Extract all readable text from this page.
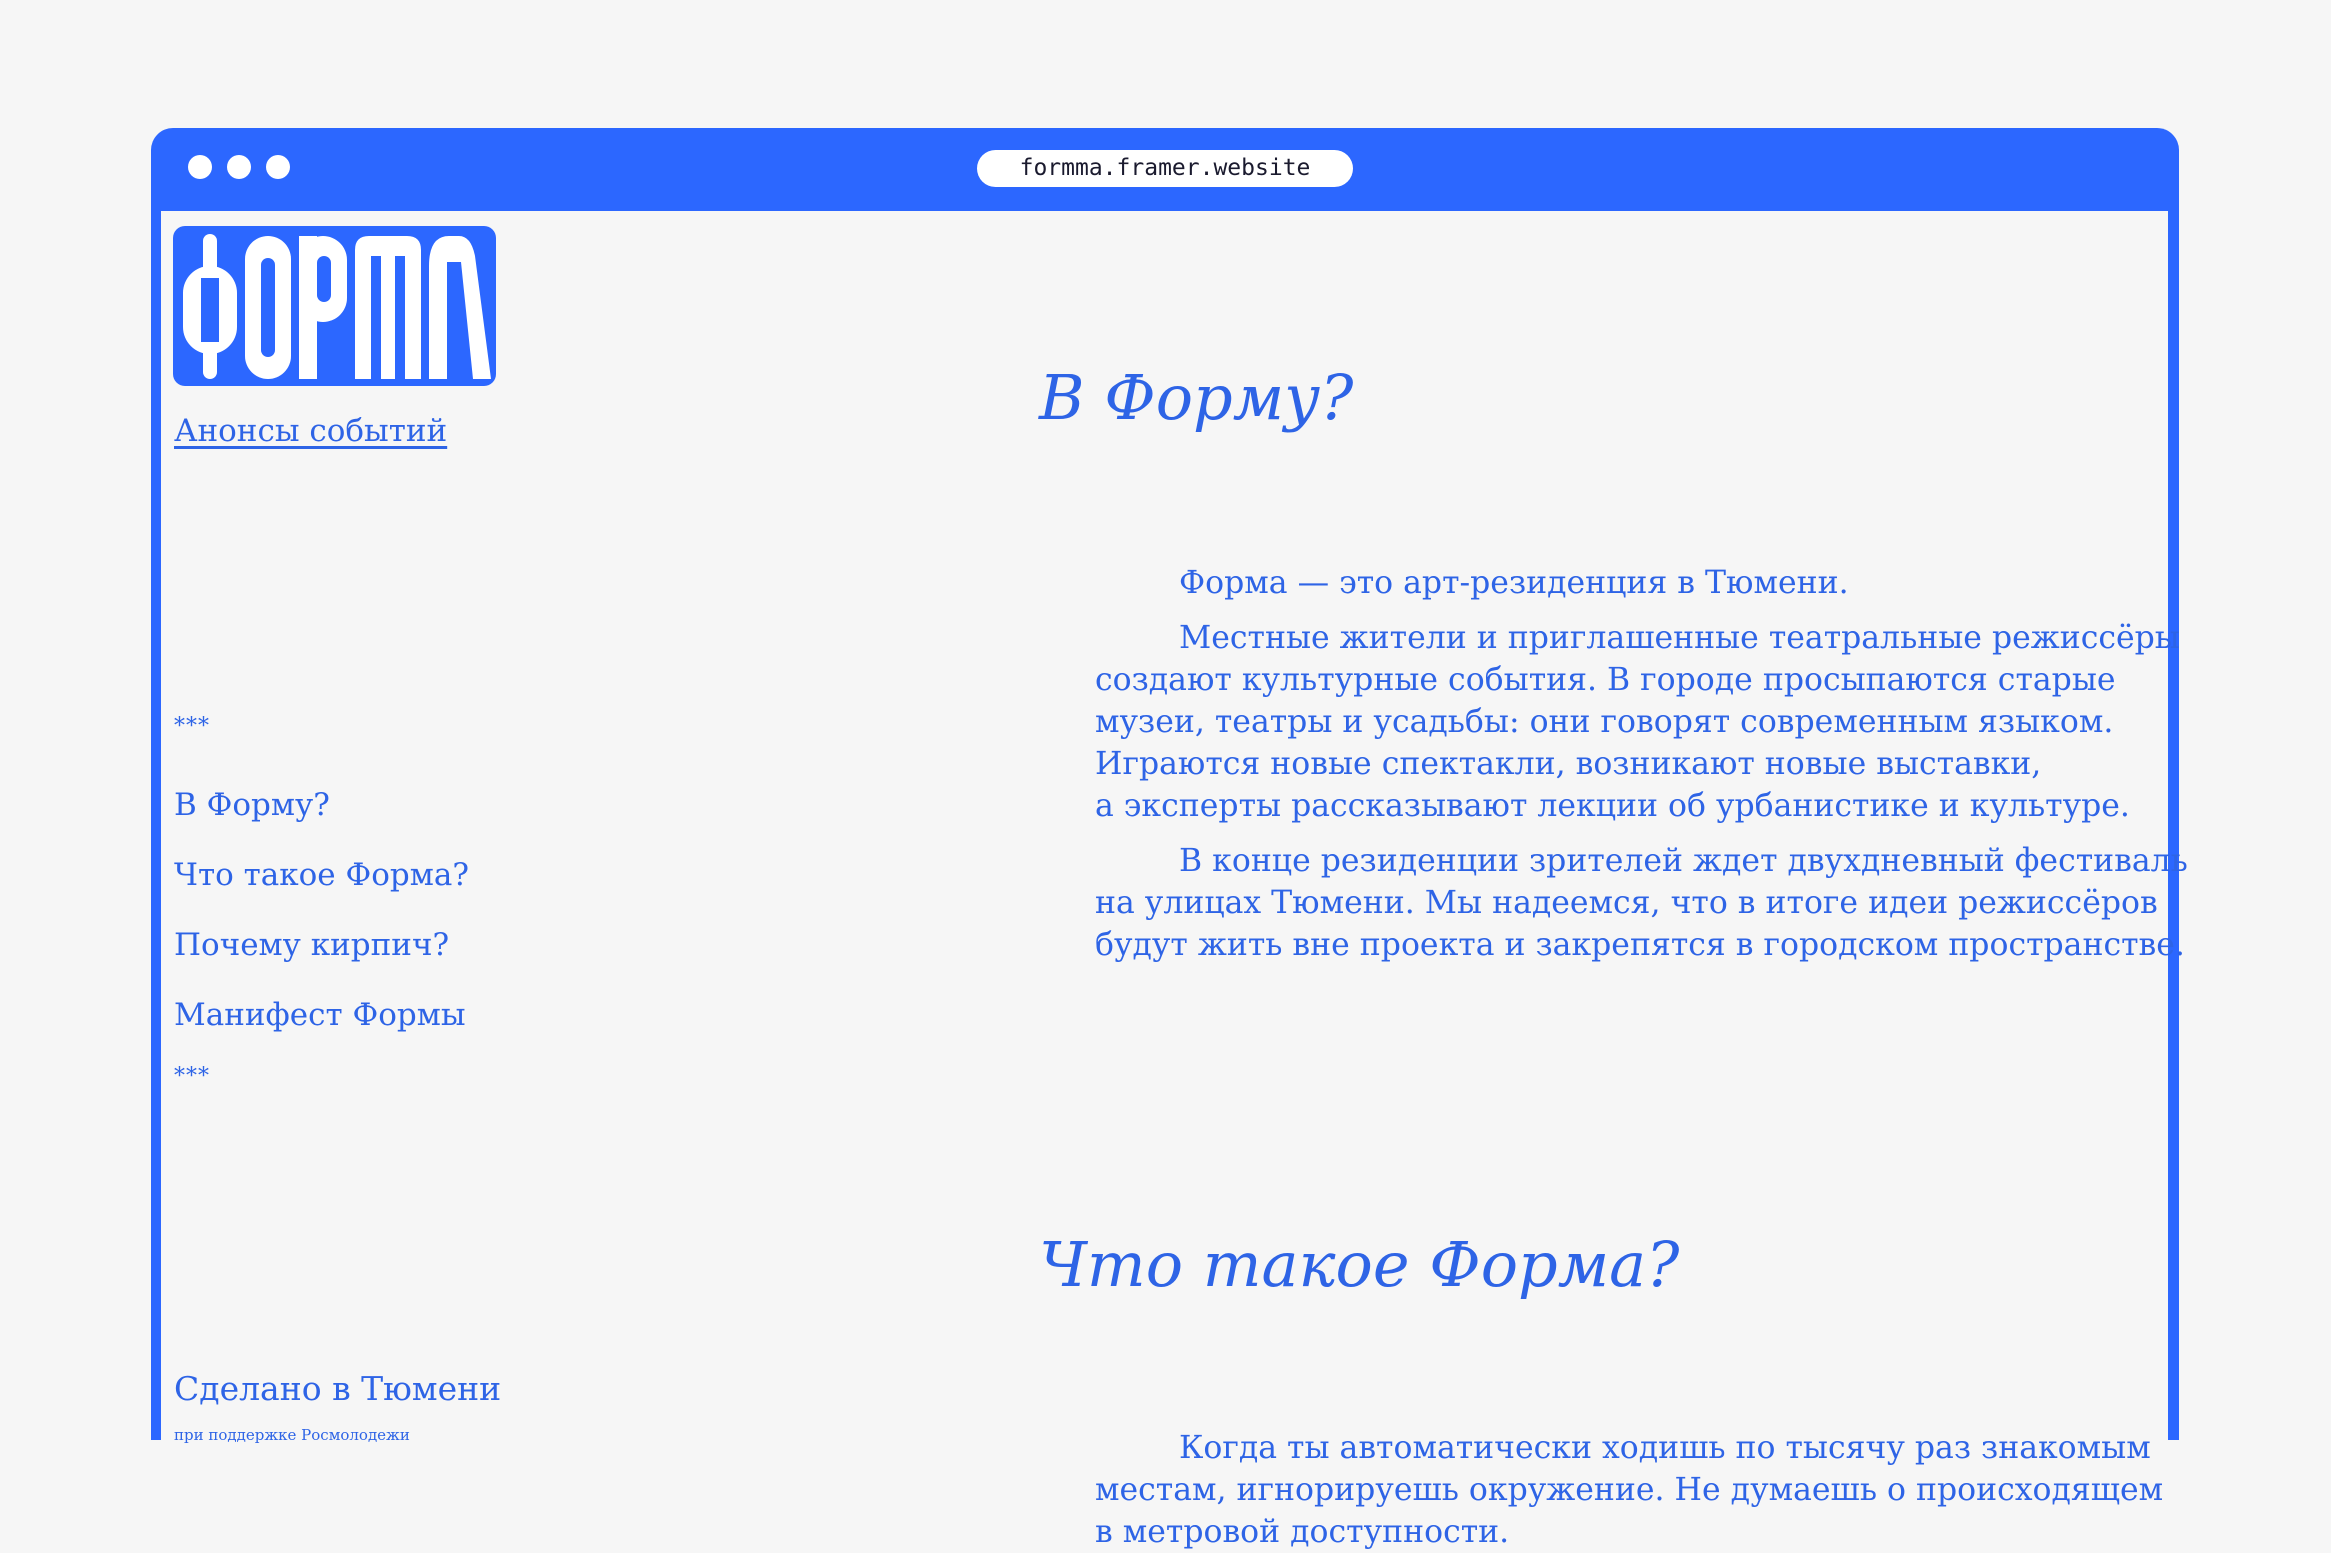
formma.framer.website
Анонсы событий
***
В Форму?
Что такое Форма?
Почему кирпич?
Манифест Формы
***
Сделано в Тюмени
при поддержке Росмолодежи
В Форму?

Форма — это арт-резиденция в Тюмени.

Местные жители и приглашенные театральные режиссёры
создают культурные события. В городе просыпаются старые
музеи, театры и усадьбы: они говорят современным языком.
Играются новые спектакли, возникают новые выставки,
а эксперты рассказывают лекции об урбанистике и культуре.

В конце резиденции зрителей ждет двухдневный фестиваль
на улицах Тюмени. Мы надеемся, что в итоге идеи режиссёров
будут жить вне проекта и закрепятся в городском пространстве.

Что такое Форма?

Когда ты автоматически ходишь по тысячу раз знакомым
местам, игнорируешь окружение. Не думаешь о происходящем
в метровой доступности.
